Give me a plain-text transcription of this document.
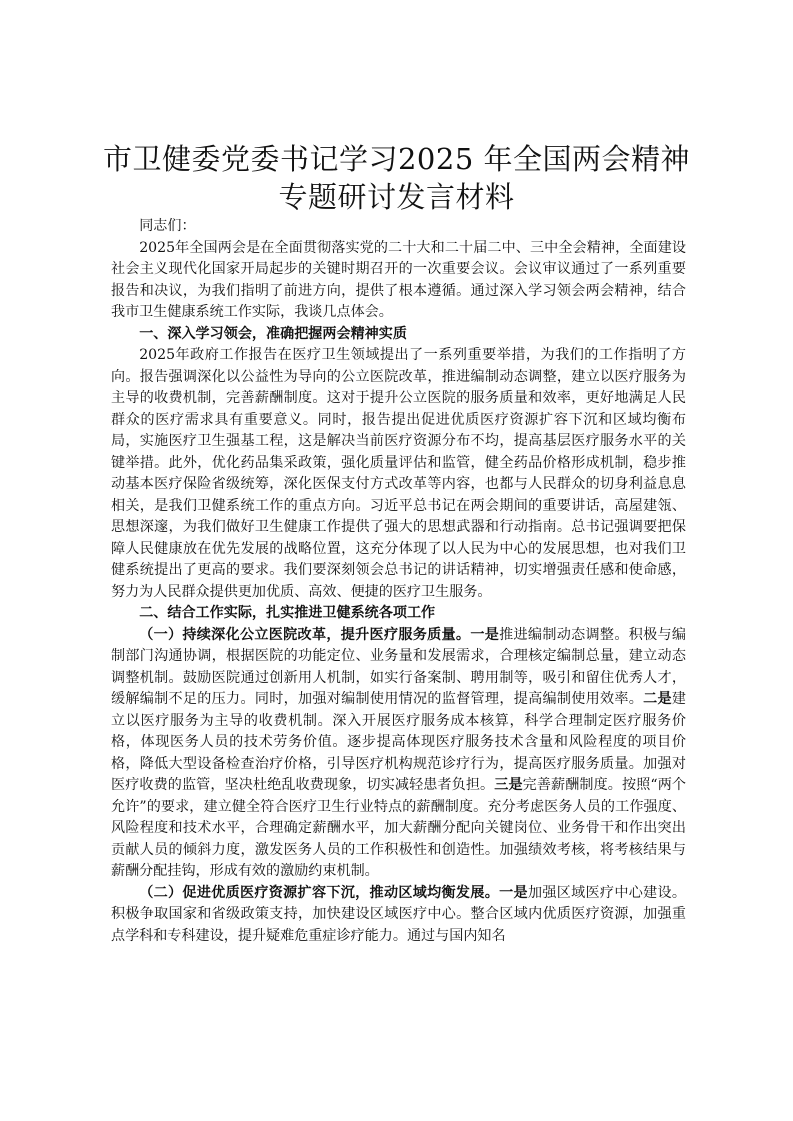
市卫健委党委书记学习2025 年全国两会精神
专题研讨发言材料

同志们：

2025年全国两会是在全面贯彻落实党的二十大和二十届二中、三中全会精神，全面建设社会主义现代化国家开局起步的关键时期召开的一次重要会议。会议审议通过了一系列重要报告和决议，为我们指明了前进方向，提供了根本遵循。通过深入学习领会两会精神，结合我市卫生健康系统工作实际，我谈几点体会。

一、深入学习领会，准确把握两会精神实质

2025年政府工作报告在医疗卫生领域提出了一系列重要举措，为我们的工作指明了方向。报告强调深化以公益性为导向的公立医院改革，推进编制动态调整，建立以医疗服务为主导的收费机制，完善薪酬制度。这对于提升公立医院的服务质量和效率，更好地满足人民群众的医疗需求具有重要意义。同时，报告提出促进优质医疗资源扩容下沉和区域均衡布局，实施医疗卫生强基工程，这是解决当前医疗资源分布不均，提高基层医疗服务水平的关键举措。此外，优化药品集采政策，强化质量评估和监管，健全药品价格形成机制，稳步推动基本医疗保险省级统筹，深化医保支付方式改革等内容，也都与人民群众的切身利益息息相关，是我们卫健系统工作的重点方向。习近平总书记在两会期间的重要讲话，高屋建瓴、思想深邃，为我们做好卫生健康工作提供了强大的思想武器和行动指南。总书记强调要把保障人民健康放在优先发展的战略位置，这充分体现了以人民为中心的发展思想，也对我们卫健系统提出了更高的要求。我们要深刻领会总书记的讲话精神，切实增强责任感和使命感，努力为人民群众提供更加优质、高效、便捷的医疗卫生服务。

二、结合工作实际，扎实推进卫健系统各项工作

（一）持续深化公立医院改革，提升医疗服务质量。一是推进编制动态调整。积极与编制部门沟通协调，根据医院的功能定位、业务量和发展需求，合理核定编制总量，建立动态调整机制。鼓励医院通过创新用人机制，如实行备案制、聘用制等，吸引和留住优秀人才，缓解编制不足的压力。同时，加强对编制使用情况的监督管理，提高编制使用效率。二是建立以医疗服务为主导的收费机制。深入开展医疗服务成本核算，科学合理制定医疗服务价格，体现医务人员的技术劳务价值。逐步提高体现医疗服务技术含量和风险程度的项目价格，降低大型设备检查治疗价格，引导医疗机构规范诊疗行为，提高医疗服务质量。加强对医疗收费的监管，坚决杜绝乱收费现象，切实减轻患者负担。三是完善薪酬制度。按照“两个允许”的要求，建立健全符合医疗卫生行业特点的薪酬制度。充分考虑医务人员的工作强度、风险程度和技术水平，合理确定薪酬水平，加大薪酬分配向关键岗位、业务骨干和作出突出贡献人员的倾斜力度，激发医务人员的工作积极性和创造性。加强绩效考核，将考核结果与薪酬分配挂钩，形成有效的激励约束机制。

（二）促进优质医疗资源扩容下沉，推动区域均衡发展。一是加强区域医疗中心建设。积极争取国家和省级政策支持，加快建设区域医疗中心。整合区域内优质医疗资源，加强重点学科和专科建设，提升疑难危重症诊疗能力。通过与国内知名
